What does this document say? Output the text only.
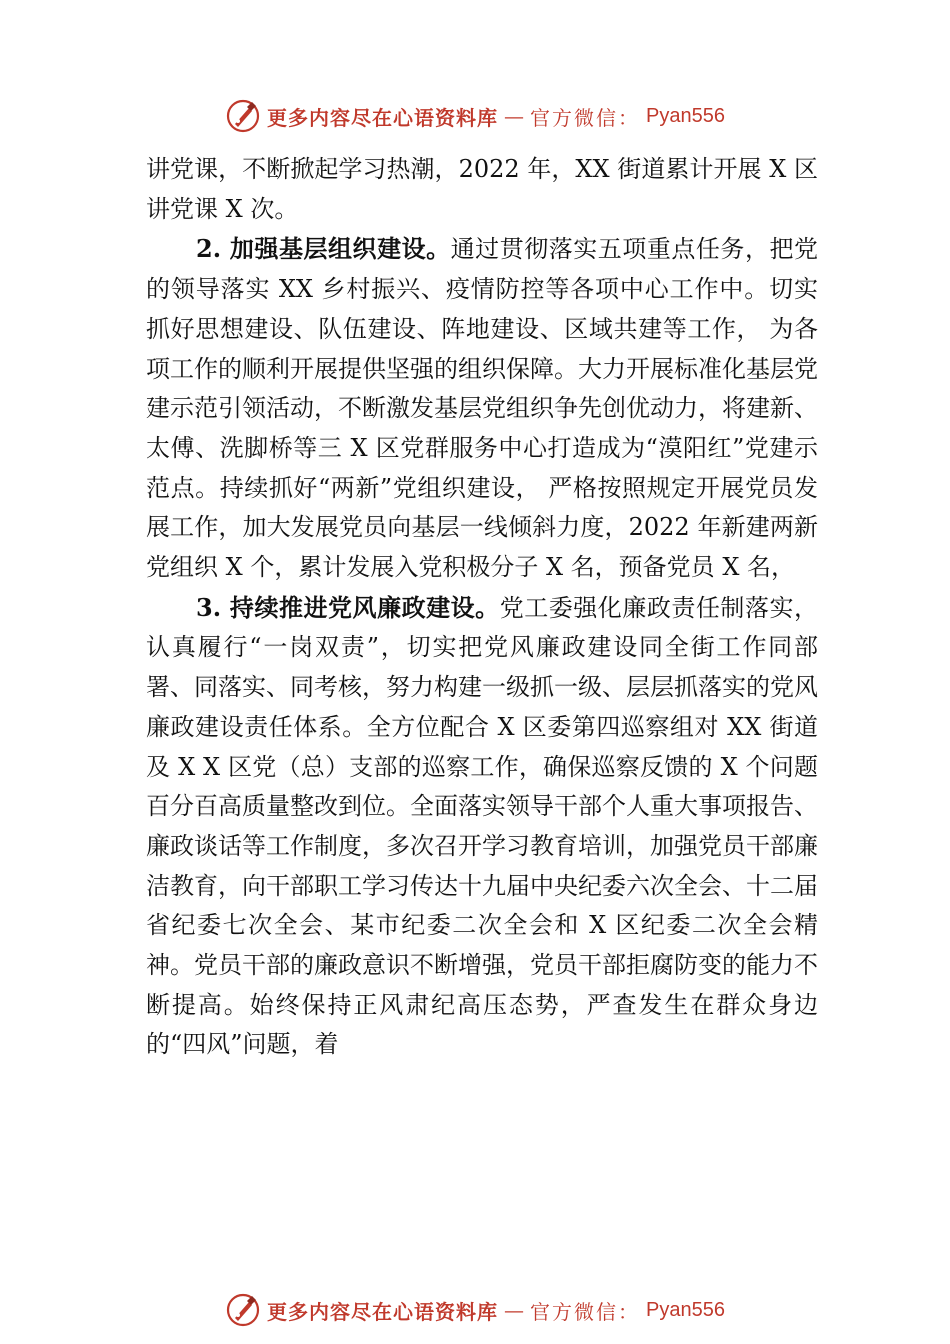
更多内容尽在心语资料库 — 官方微信： Pyan556

讲党课，不断掀起学习热潮，2022 年，XX 街道累计开展 X 区讲党课 X 次。

2. 加强基层组织建设。通过贯彻落实五项重点任务，把党的领导落实 XX 乡村振兴、疫情防控等各项中心工作中。切实抓好思想建设、队伍建设、阵地建设、区域共建等工作， 为各项工作的顺利开展提供坚强的组织保障。大力开展标准化基层党建示范引领活动，不断激发基层党组织争先创优动力，将建新、太傅、洗脚桥等三 X 区党群服务中心打造成为“漠阳红”党建示范点。持续抓好“两新”党组织建设， 严格按照规定开展党员发展工作，加大发展党员向基层一线倾斜力度，2022 年新建两新党组织 X 个，累计发展入党积极分子 X 名，预备党员 X 名，

3. 持续推进党风廉政建设。党工委强化廉政责任制落实，认真履行“一岗双责”，切实把党风廉政建设同全街工作同部署、同落实、同考核，努力构建一级抓一级、层层抓落实的党风廉政建设责任体系。全方位配合 X 区委第四巡察组对 XX 街道及 X X 区党（总）支部的巡察工作，确保巡察反馈的 X 个问题百分百高质量整改到位。全面落实领导干部个人重大事项报告、廉政谈话等工作制度，多次召开学习教育培训，加强党员干部廉洁教育，向干部职工学习传达十九届中央纪委六次全会、十二届省纪委七次全会、某市纪委二次全会和 X 区纪委二次全会精神。党员干部的廉政意识不断增强，党员干部拒腐防变的能力不断提高。始终保持正风肃纪高压态势，严查发生在群众身边的“四风”问题，着

更多内容尽在心语资料库 — 官方微信： Pyan556
